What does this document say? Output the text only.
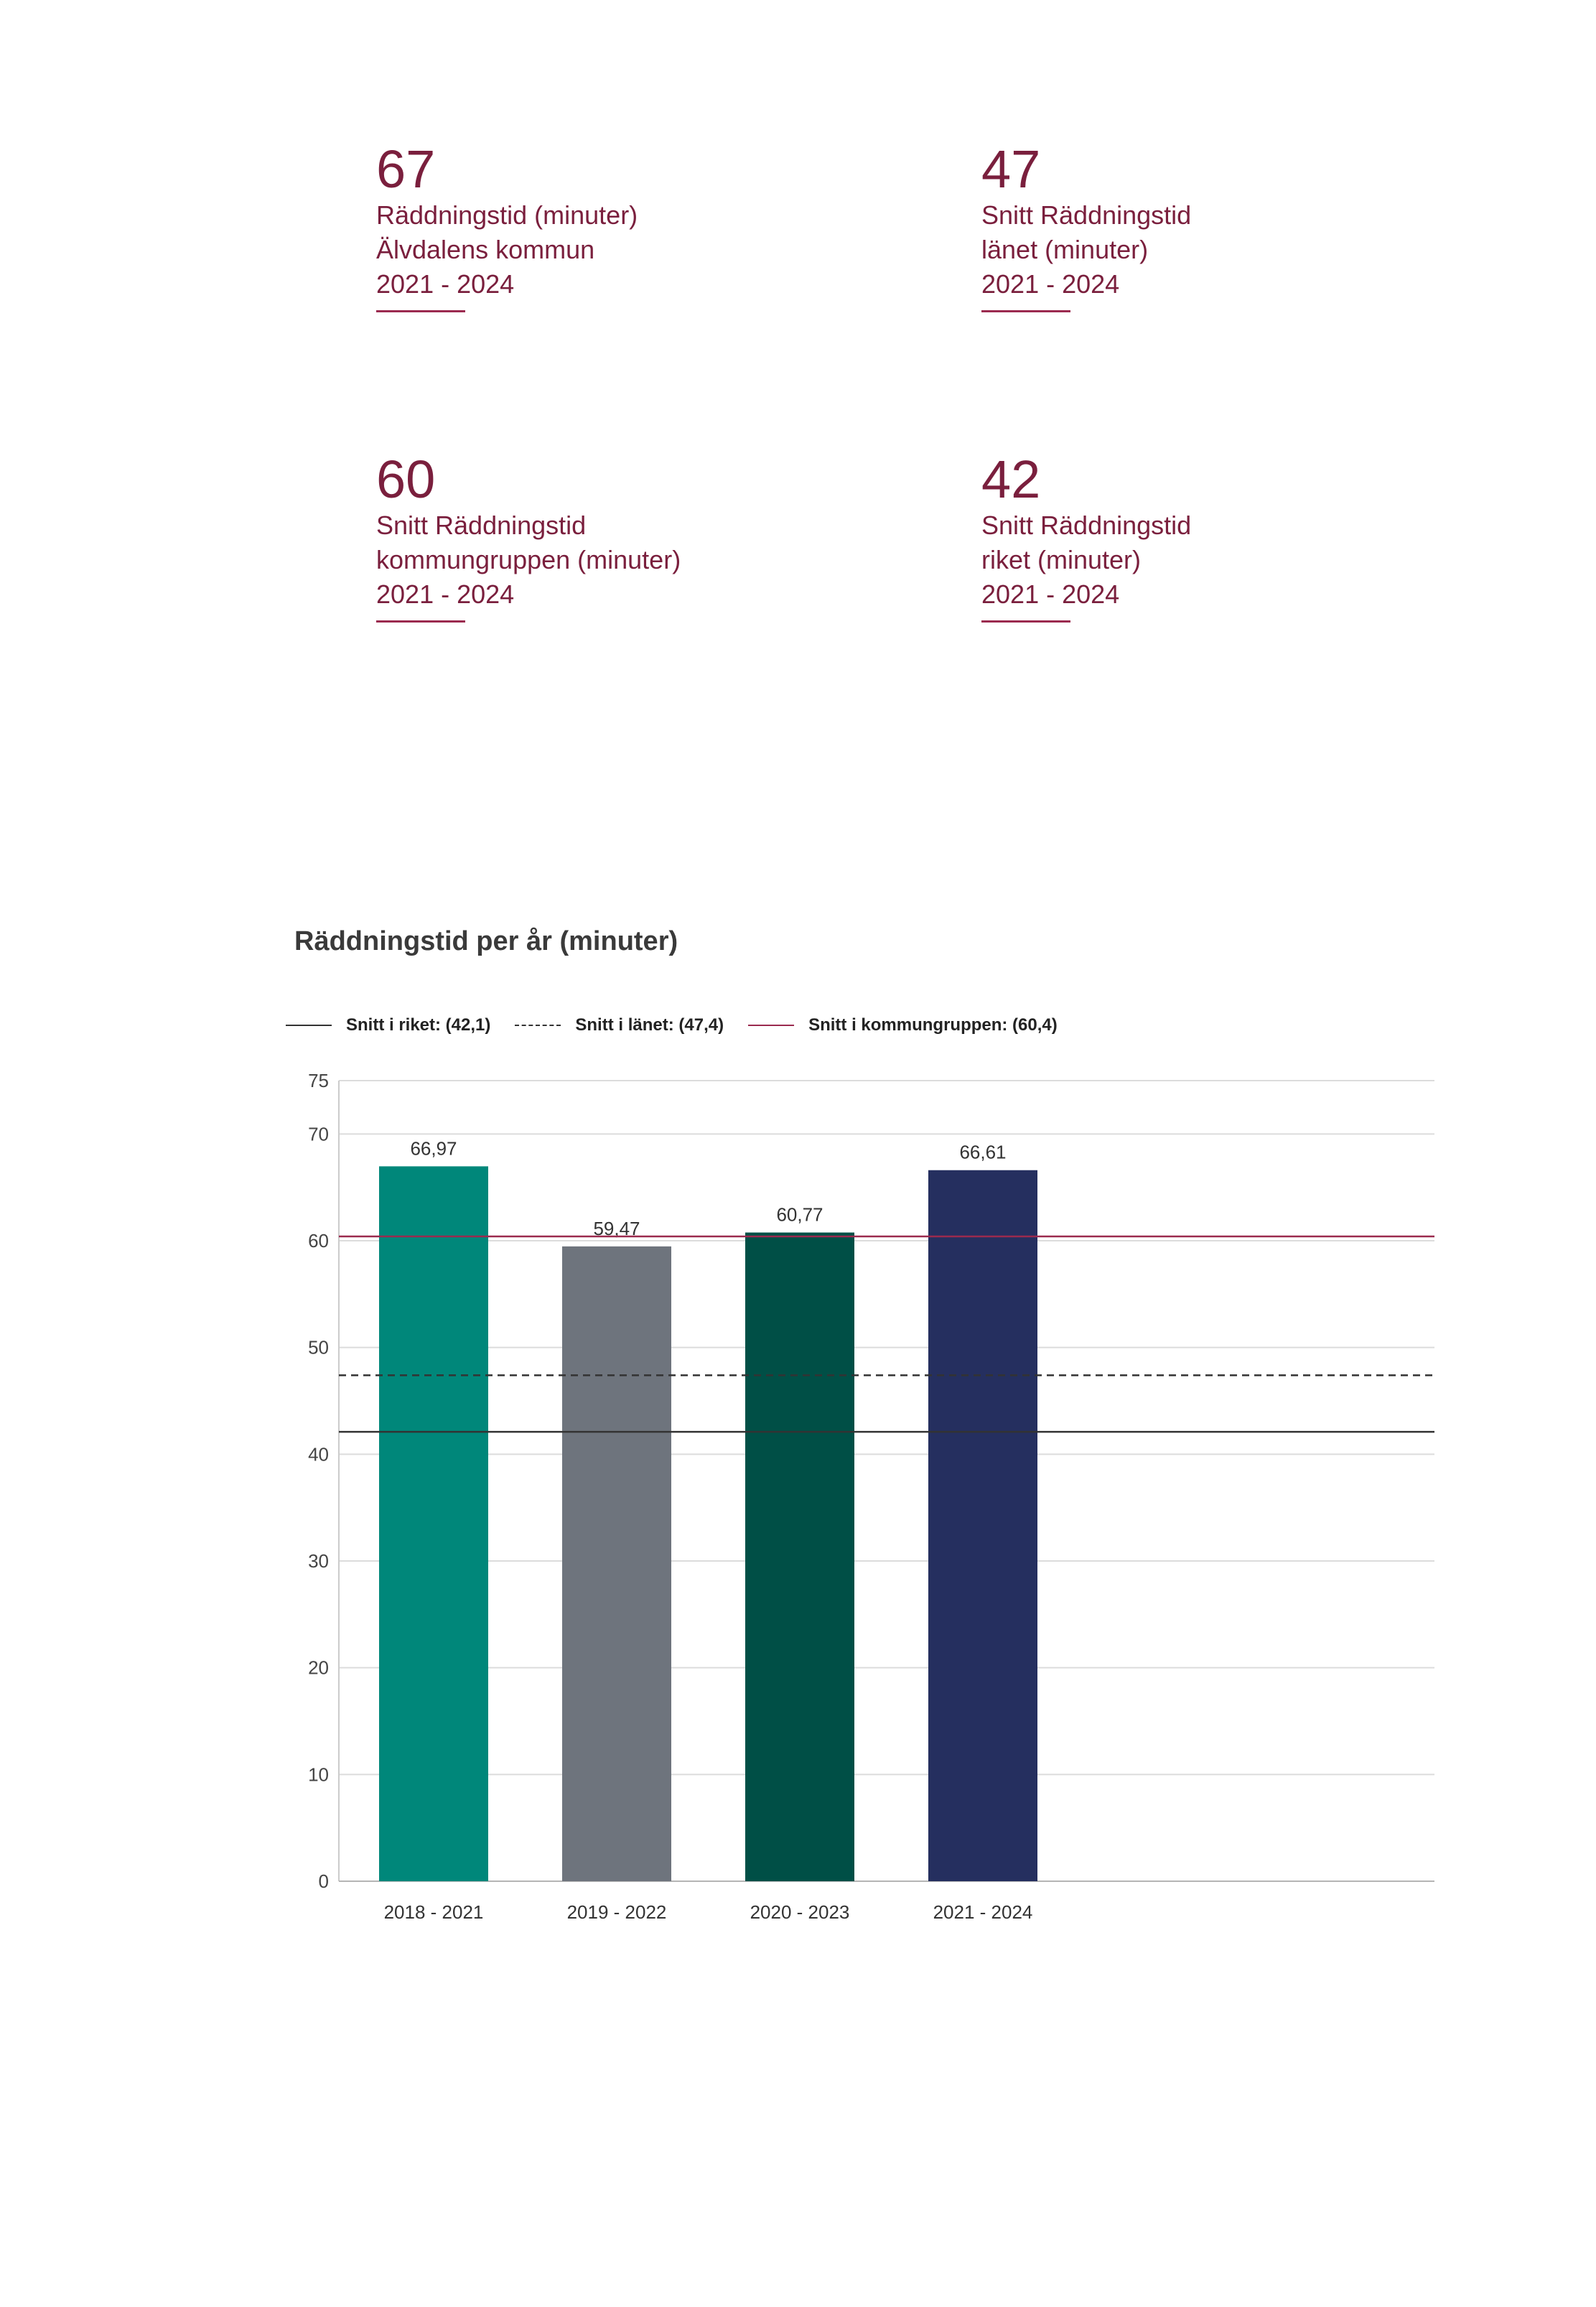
67
Räddningstid (minuter)
Älvdalens kommun
2021 - 2024
47
Snitt Räddningstid
länet (minuter)
2021 - 2024
60
Snitt Räddningstid
kommungruppen (minuter)
2021 - 2024
42
Snitt Räddningstid
riket (minuter)
2021 - 2024
Räddningstid per år (minuter)
Snitt i riket: (42,1)	Snitt i länet: (47,4)	Snitt i kommungruppen: (60,4)
0
10
20
30
40
50
60
70
75
66,97
2018 - 2021
59,47
2019 - 2022
60,77
2020 - 2023
66,61
2021 - 2024
